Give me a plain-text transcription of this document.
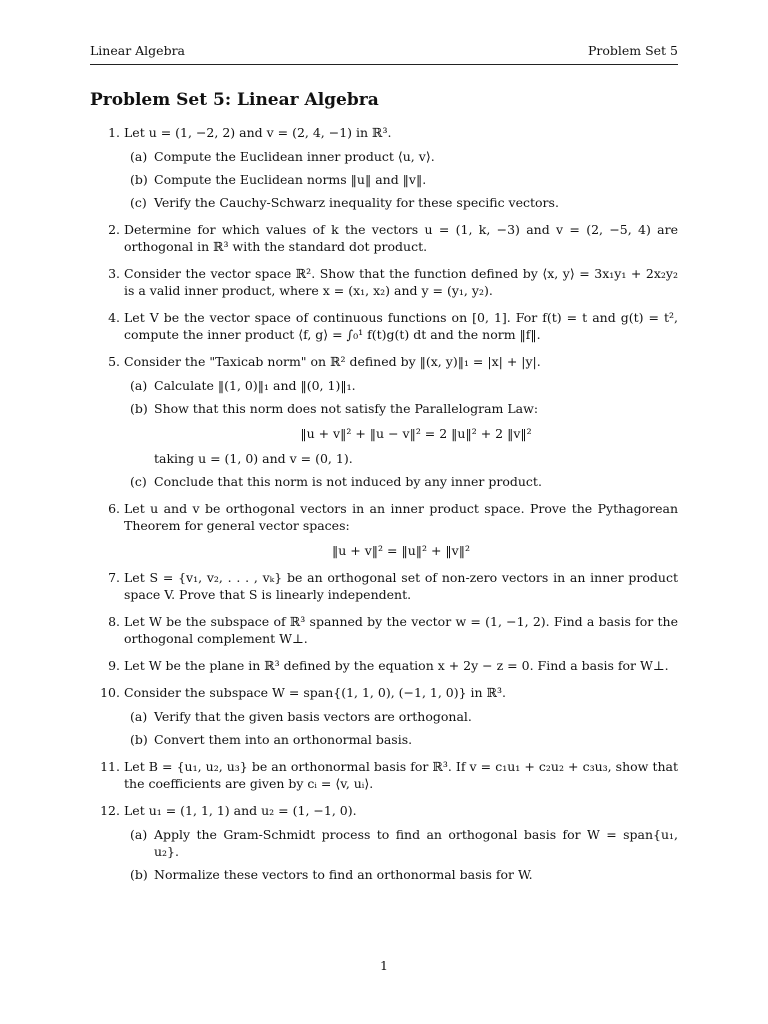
Linear Algebra	Problem Set 5
Problem Set 5: Linear Algebra
1. Let u = (1, −2, 2) and v = (2, 4, −1) in ℝ³.
(a) Compute the Euclidean inner product ⟨u, v⟩.
(b) Compute the Euclidean norms ‖u‖ and ‖v‖.
(c) Verify the Cauchy-Schwarz inequality for these specific vectors.
2. Determine for which values of k the vectors u = (1, k, −3) and v = (2, −5, 4) are orthogonal in ℝ³ with the standard dot product.
3. Consider the vector space ℝ². Show that the function defined by ⟨x, y⟩ = 3x₁y₁ + 2x₂y₂ is a valid inner product, where x = (x₁, x₂) and y = (y₁, y₂).
4. Let V be the vector space of continuous functions on [0, 1]. For f(t) = t and g(t) = t², compute the inner product ⟨f, g⟩ = ∫₀¹ f(t)g(t) dt and the norm ‖f‖.
5. Consider the "Taxicab norm" on ℝ² defined by ‖(x, y)‖₁ = |x| + |y|.
(a) Calculate ‖(1, 0)‖₁ and ‖(0, 1)‖₁.
(b) Show that this norm does not satisfy the Parallelogram Law:
‖u + v‖² + ‖u − v‖² = 2 ‖u‖² + 2 ‖v‖²
taking u = (1, 0) and v = (0, 1).
(c) Conclude that this norm is not induced by any inner product.
6. Let u and v be orthogonal vectors in an inner product space. Prove the Pythagorean Theorem for general vector spaces:
‖u + v‖² = ‖u‖² + ‖v‖²
7. Let S = {v₁, v₂, . . . , vₖ} be an orthogonal set of non-zero vectors in an inner product space V. Prove that S is linearly independent.
8. Let W be the subspace of ℝ³ spanned by the vector w = (1, −1, 2). Find a basis for the orthogonal complement W⊥.
9. Let W be the plane in ℝ³ defined by the equation x + 2y − z = 0. Find a basis for W⊥.
10. Consider the subspace W = span{(1, 1, 0), (−1, 1, 0)} in ℝ³.
(a) Verify that the given basis vectors are orthogonal.
(b) Convert them into an orthonormal basis.
11. Let B = {u₁, u₂, u₃} be an orthonormal basis for ℝ³. If v = c₁u₁ + c₂u₂ + c₃u₃, show that the coefficients are given by cᵢ = ⟨v, uᵢ⟩.
12. Let u₁ = (1, 1, 1) and u₂ = (1, −1, 0).
(a) Apply the Gram-Schmidt process to find an orthogonal basis for W = span{u₁, u₂}.
(b) Normalize these vectors to find an orthonormal basis for W.
1
